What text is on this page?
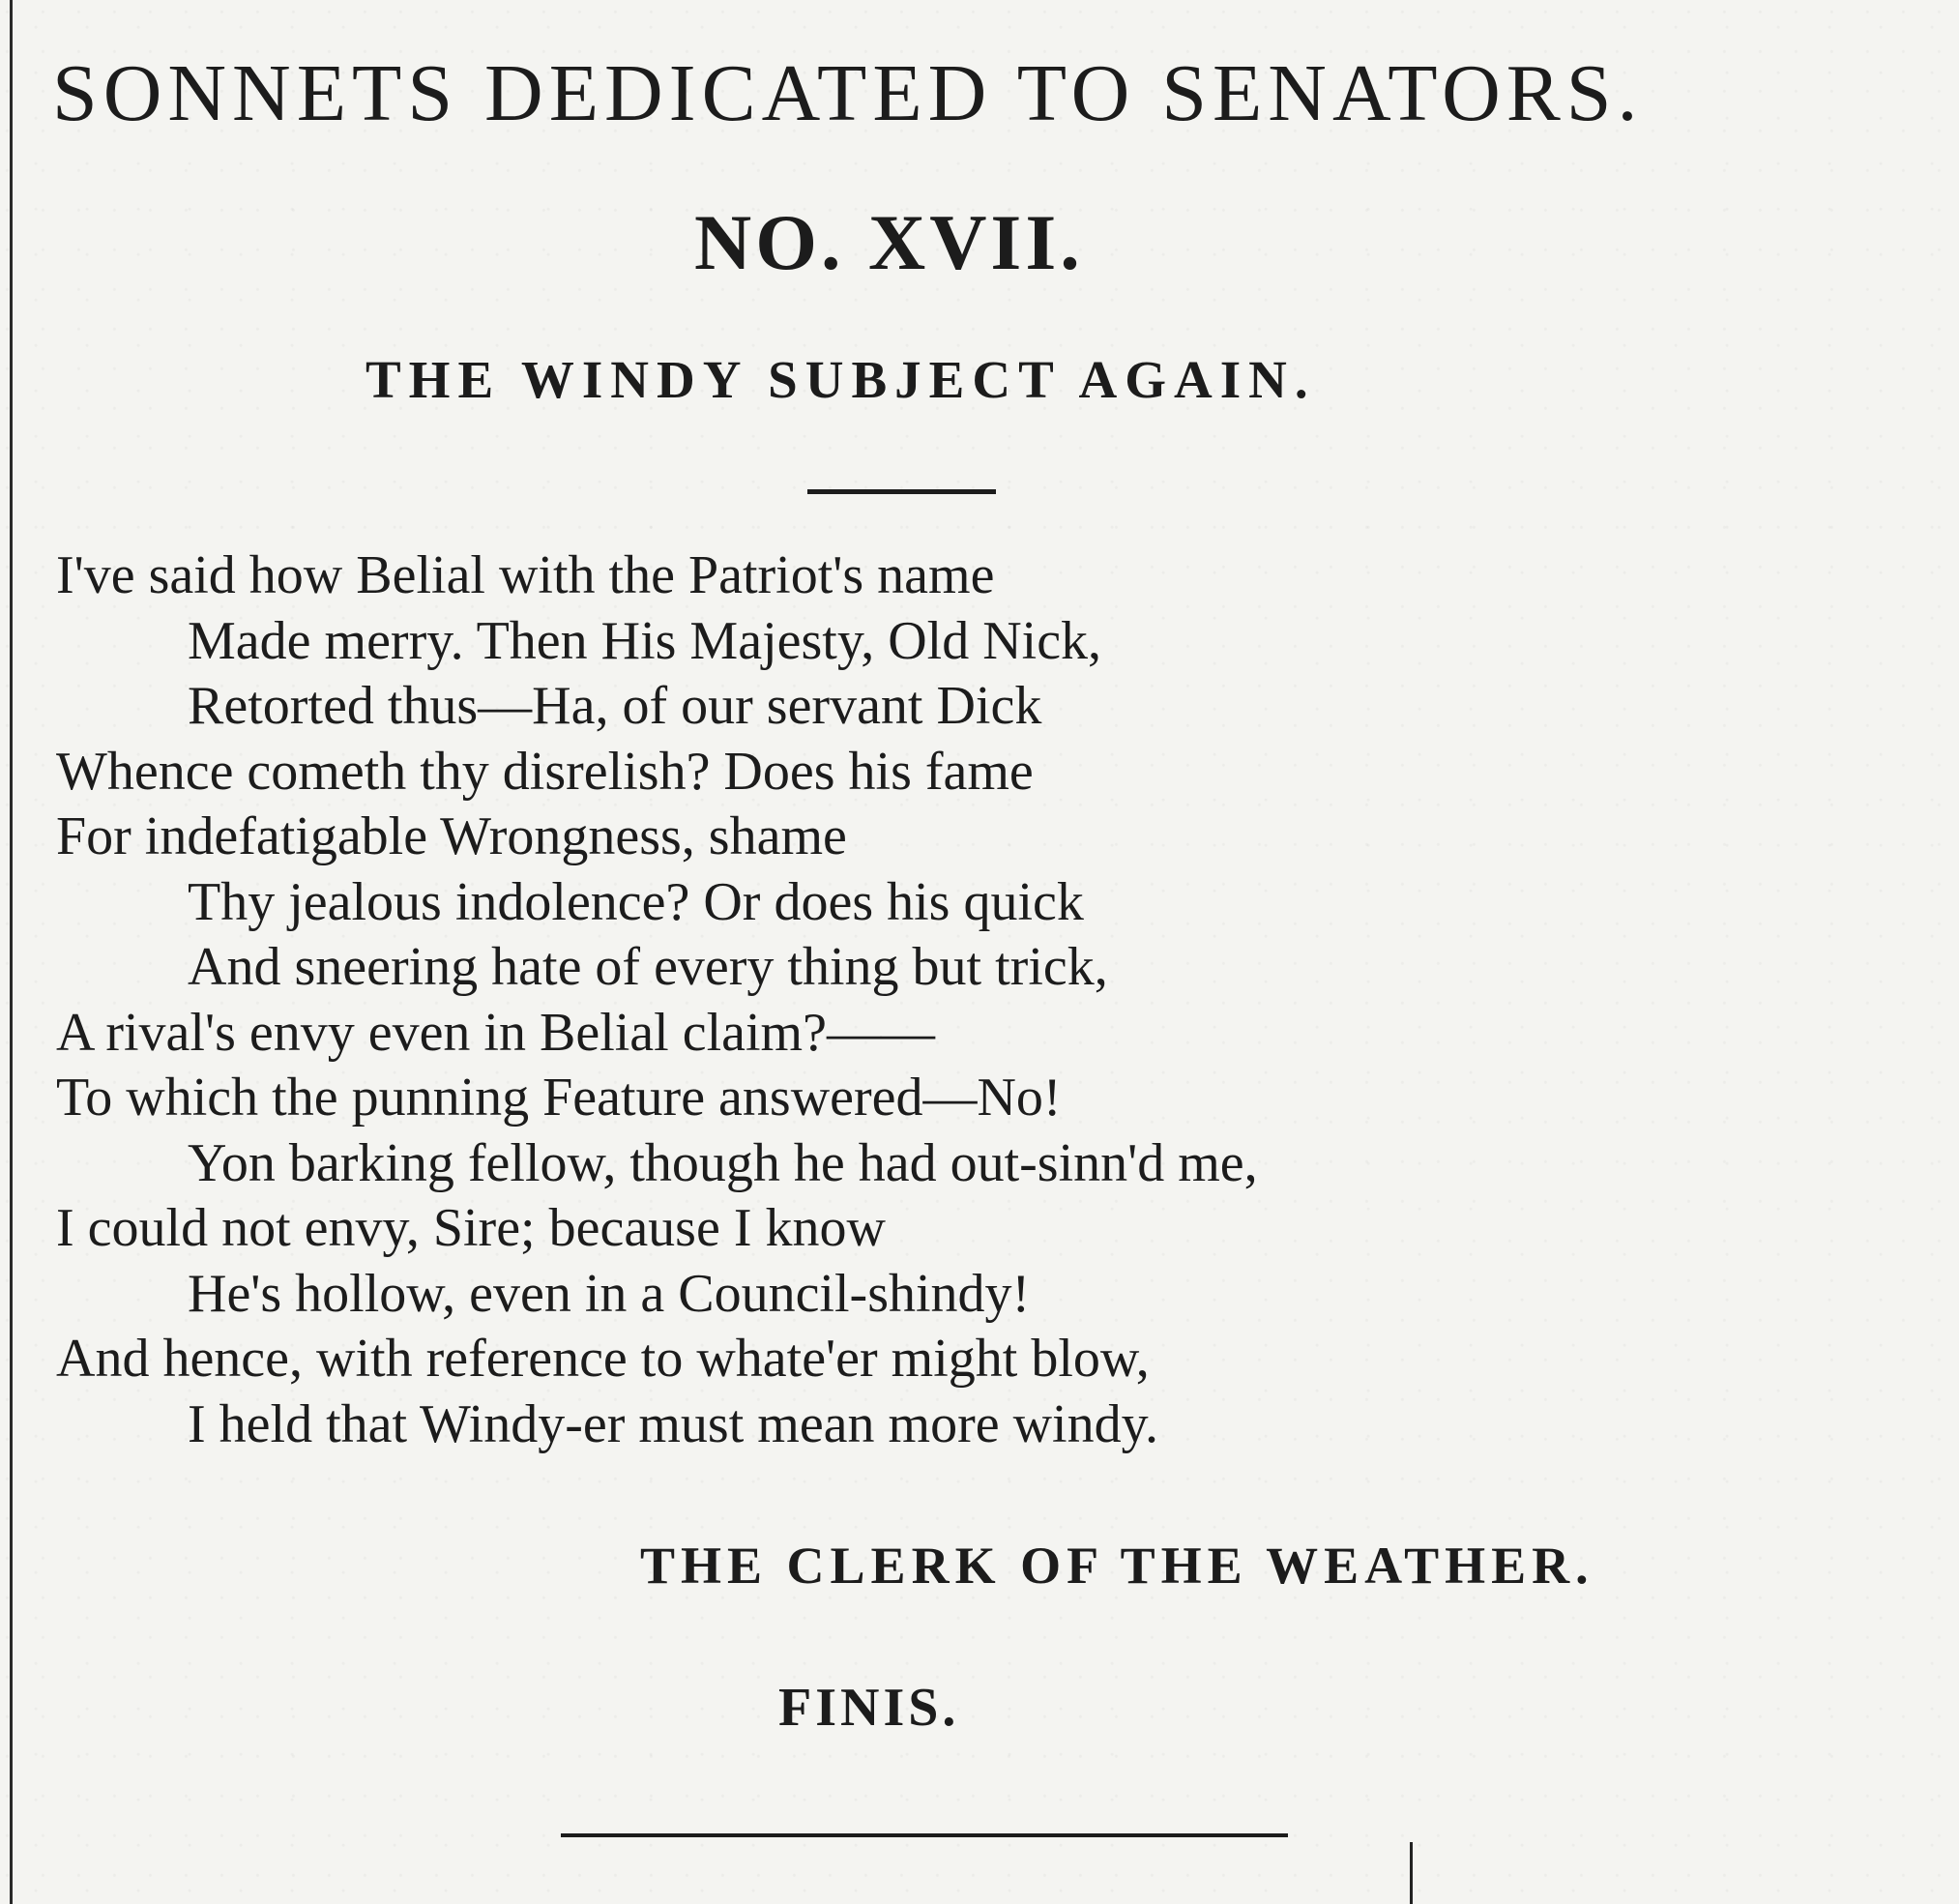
SONNETS DEDICATED TO SENATORS.
NO. XVII.
THE WINDY SUBJECT AGAIN.
I've said how Belial with the Patriot's name
Made merry. Then His Majesty, Old Nick,
Retorted thus—Ha, of our servant Dick
Whence cometh thy disrelish? Does his fame
For indefatigable Wrongness, shame
Thy jealous indolence? Or does his quick
And sneering hate of every thing but trick,
A rival's envy even in Belial claim?——
To which the punning Feature answered—No!
Yon barking fellow, though he had out-sinn'd me,
I could not envy, Sire; because I know
He's hollow, even in a Council-shindy!
And hence, with reference to whate'er might blow,
I held that Windy-er must mean more windy.
THE CLERK OF THE WEATHER.
FINIS.
